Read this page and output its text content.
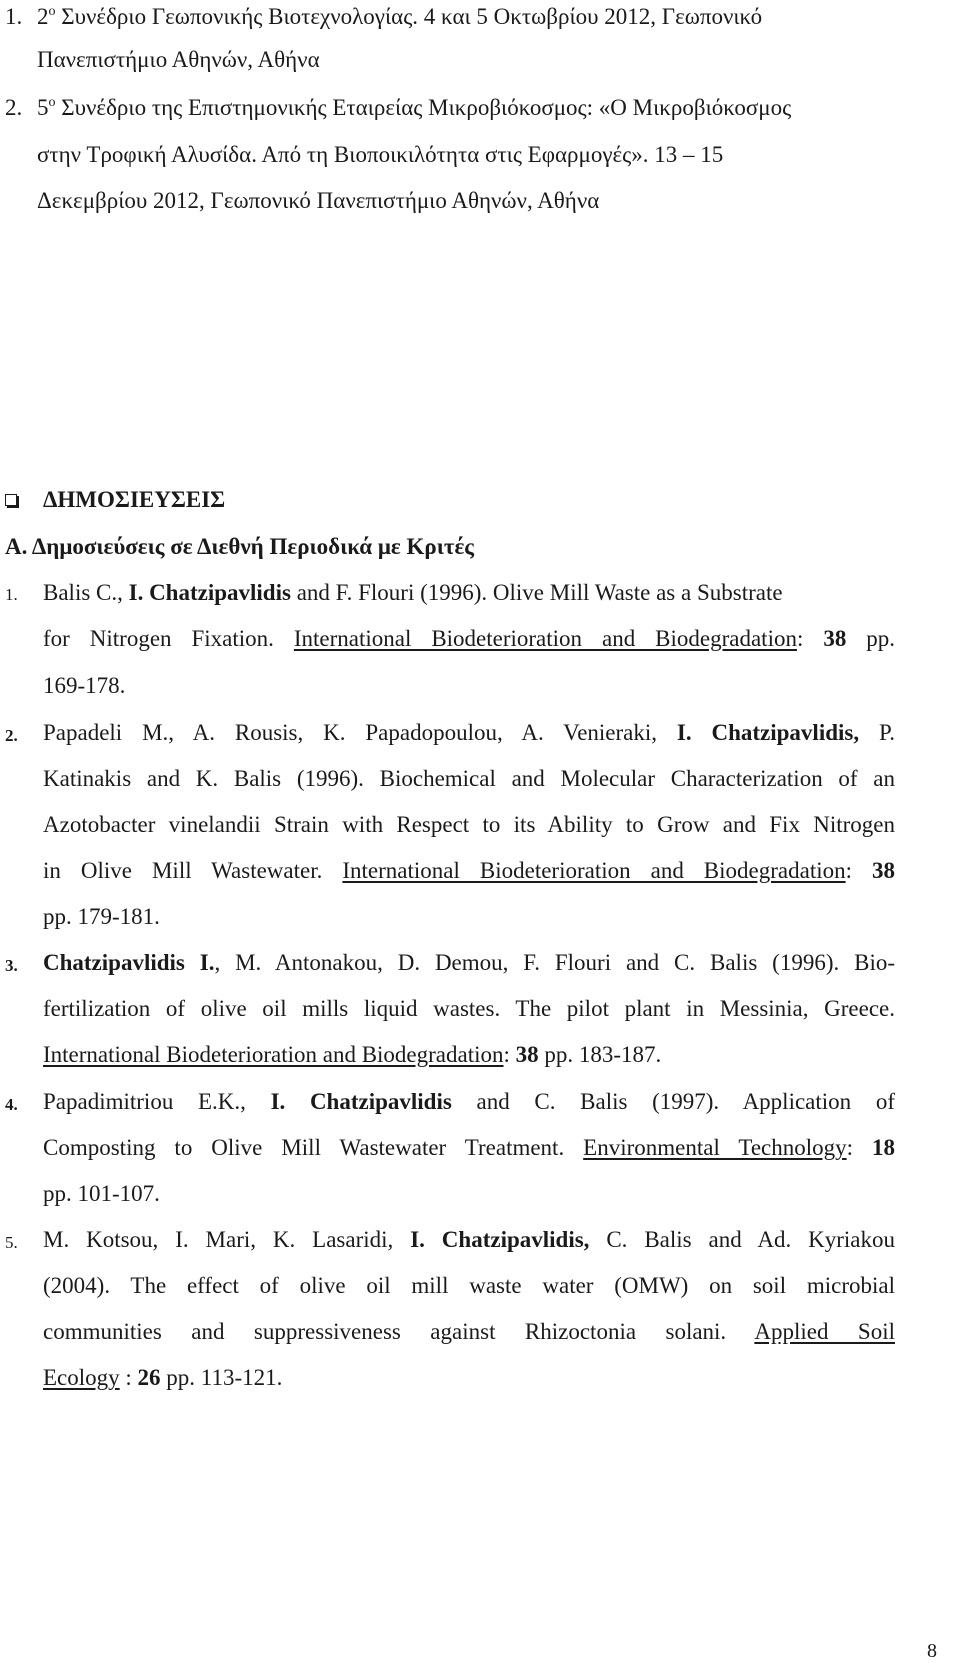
1. $2^o$ Συνέδριο Γεωπονικής Βιοτεχνολογίας. 4 και 5 Οκτωβρίου 2012, Γεωπονικό
Πανεπιστήμιο Αθηνών, Αθήνα
2. $5^o$ Συνέδριο της Επιστημονικής Εταιρείας Μικροβιόκοσμος: «Ο Μικροβιόκοσμος
στην Τροφική Αλυσίδα. Από τη Βιοποικιλότητα στις Εφαρμογές». 13 – 15
Δεκεμβρίου 2012, Γεωπονικό Πανεπιστήμιο Αθηνών, Αθήνα
ΔΗΜΟΣΙΕΥΣΕΙΣ
Α. Δημοσιεύσεις σε Διεθνή Περιοδικά με Κριτές
1. Balis C., I. Chatzipavlidis and F. Flouri (1996). Olive Mill Waste as a Substrate
for Nitrogen Fixation. International Biodeterioration and Biodegradation: 38 pp.
169-178.
2. Papadeli M., A. Rousis, K. Papadopoulou, A. Venieraki, I. Chatzipavlidis, P.
Katinakis and K. Balis (1996). Biochemical and Molecular Characterization of an
Azotobacter vinelandii Strain with Respect to its Ability to Grow and Fix Nitrogen
in Olive Mill Wastewater. International Biodeterioration and Biodegradation: 38
pp. 179-181.
3. Chatzipavlidis I., M. Antonakou, D. Demou, F. Flouri and C. Balis (1996). Bio-
fertilization of olive oil mills liquid wastes. The pilot plant in Messinia, Greece.
International Biodeterioration and Biodegradation: 38 pp. 183-187.
4. Papadimitriou E.K., I. Chatzipavlidis and C. Balis (1997). Application of
Composting to Olive Mill Wastewater Treatment. Environmental Technology: 18
pp. 101-107.
5. M. Kotsou, I. Mari, K. Lasaridi, I. Chatzipavlidis, C. Balis and Ad. Kyriakou
(2004). The effect of olive oil mill waste water (OMW) on soil microbial
communities and suppressiveness against Rhizoctonia solani. Applied Soil
Ecology : 26 pp. 113-121.
8
